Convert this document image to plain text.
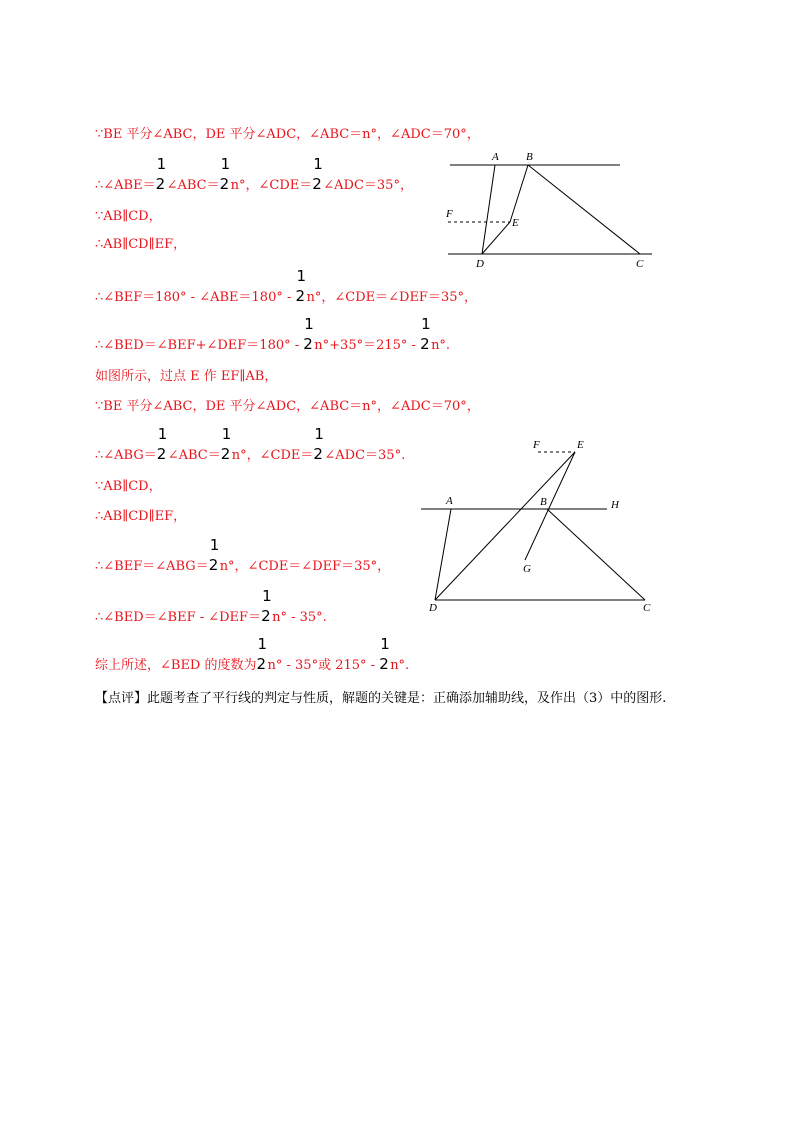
∵BE 平分∠ABC，DE 平分∠ADC，∠ABC＝n°，∠ADC＝70°，
∴∠ABE＝
1
2∠ABC＝
1
2n°，∠CDE＝
1
2∠ADC＝35°，
∵AB∥CD，
∴AB∥CD∥EF，
∴∠BEF＝180° - ∠ABE＝180° -
1
2n°，∠CDE＝∠DEF＝35°，
∴∠BED＝∠BEF+∠DEF＝180° -
1
2n°+35°＝215° -
1
2n°.
如图所示，过点 E 作 EF∥AB，
∵BE 平分∠ABC，DE 平分∠ADC，∠ABC＝n°，∠ADC＝70°，
∴∠ABG＝
1
2∠ABC＝
1
2n°，∠CDE＝
1
2∠ADC＝35°.
∵AB∥CD，
∴AB∥CD∥EF，
∴∠BEF＝∠ABG＝
1
2n°，∠CDE＝∠DEF＝35°，
∴∠BED＝∠BEF - ∠DEF＝
1
2n° - 35°.
综上所述，∠BED 的度数为
1
2n° - 35°或 215° -
1
2n°.
【点评】此题考查了平行线的判定与性质，解题的关键是：正确添加辅助线，及作出（3）中的图形.
A B
F
E
D	C
F	E
A	B	H
G
D	C
